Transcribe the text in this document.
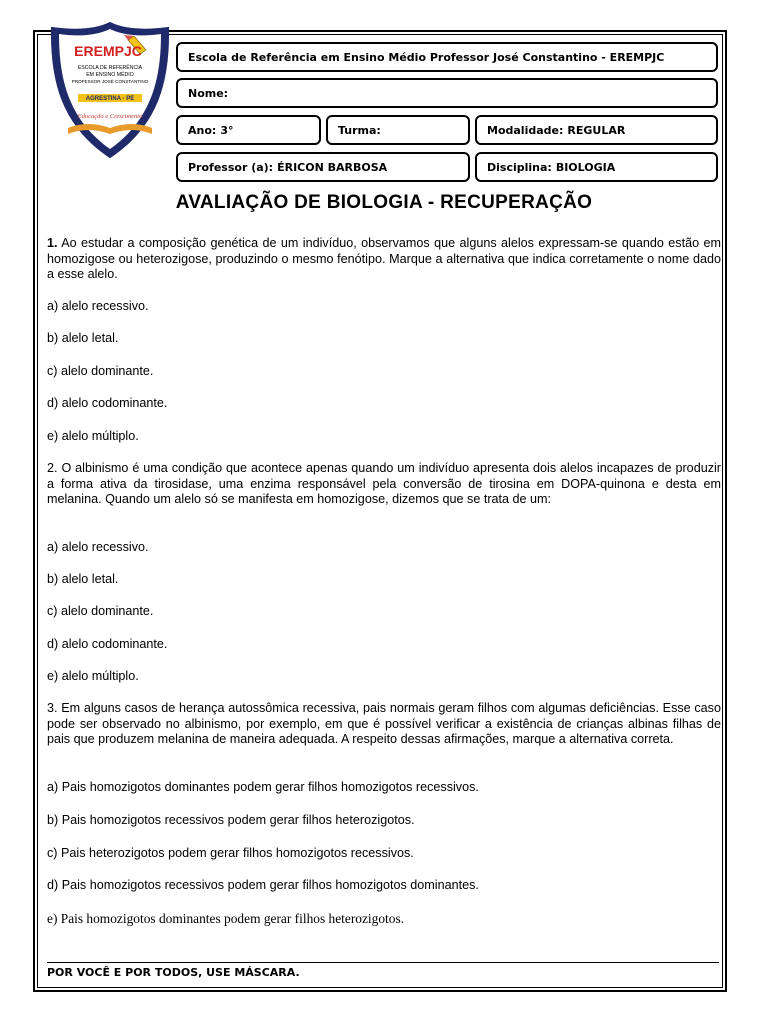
EREMPJC
ESCOLA DE REFERÊNCIA
EM ENSINO MÉDIO
PROFESSOR JOSÉ CONSTANTINO
AGRESTINA - PE
Educação e Crescimento
Escola de Referência em Ensino Médio Professor José Constantino - EREMPJC
Nome:
Ano: 3°	Turma:	Modalidade: REGULAR
Professor (a): ÉRICON BARBOSA	Disciplina: BIOLOGIA
AVALIAÇÃO DE BIOLOGIA - RECUPERAÇÃO

1. Ao estudar a composição genética de um indivíduo, observamos que alguns alelos expressam-se quando estão em homozigose ou heterozigose, produzindo o mesmo fenótipo. Marque a alternativa que indica corretamente o nome dado a esse alelo.

a) alelo recessivo.
b) alelo letal.
c) alelo dominante.
d) alelo codominante.
e) alelo múltiplo.

2. O albinismo é uma condição que acontece apenas quando um indivíduo apresenta dois alelos incapazes de produzir a forma ativa da tirosidase, uma enzima responsável pela conversão de tirosina em DOPA-quinona e desta em melanina. Quando um alelo só se manifesta em homozigose, dizemos que se trata de um:

a) alelo recessivo.
b) alelo letal.
c) alelo dominante.
d) alelo codominante.
e) alelo múltiplo.

3. Em alguns casos de herança autossômica recessiva, pais normais geram filhos com algumas deficiências. Esse caso pode ser observado no albinismo, por exemplo, em que é possível verificar a existência de crianças albinas filhas de pais que produzem melanina de maneira adequada. A respeito dessas afirmações, marque a alternativa correta.

a) Pais homozigotos dominantes podem gerar filhos homozigotos recessivos.
b) Pais homozigotos recessivos podem gerar filhos heterozigotos.
c) Pais heterozigotos podem gerar filhos homozigotos recessivos.
d) Pais homozigotos recessivos podem gerar filhos homozigotos dominantes.
e) Pais homozigotos dominantes podem gerar filhos heterozigotos.
POR VOCÊ E POR TODOS, USE MÁSCARA.
